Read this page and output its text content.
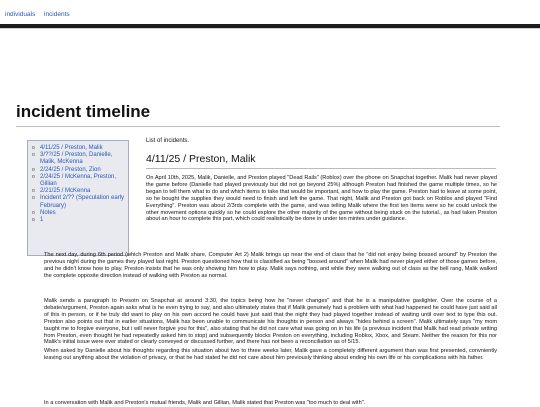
individuals incidents
incident timeline
o 4/11/25 / Preston, Malik
o 3/??/25 / Preston, Danielle, Malik, McKenna
o 2/24/25 / Preston, Zion
o 2/24/25 / McKenna, Preston, Gillian
o 2/21/25 / McKenna
o Incident 2/?? (Speculation early February)
o Notes
o 1
List of incidents.
4/11/25 / Preston, Malik

On April 10th, 2025, Malik, Danielle, and Preston played "Dead Rails" (Roblox) over the phone on Snapchat together. Malik had never played the game before (Danielle had played previously but did not go beyond 25%) although Preston had finished the game multiple times, so he began to tell them what to do and which items to take that would be important, and how to play the game. Preston had to leave at some point, so he bought the supplies they would need to finish and left the game. That night, Malik and Preston got back on Roblox and played "Find Everything". Preston was about 2/3rds complete with the game, and was telling Malik where the first ten items were so he could unlock the other movement options quickly so he could explore the other majority of the game without being stuck on the tutorial., as had taken Preston about an hour to complete this part, which could realistically be done in under ten mintes under guidance.

The next day, during 6th period (which Preston and Malik share, Computer Art 2) Malik brings up near the end of class that he "did not enjoy being bossed around" by Preston the previous night during the games they played last night. Preston questioned how that is classified as being "bossed around" when Malik had never played either of those games before, and he didn't know how to play. Preston insists that he was only showing him how to play. Malik says nothing, and while they were walking out of class as the bell rang, Malik walked the complete opposite direction instead of walking with Preston as normal.

Malik sends a paragraph to Presotn on Snapchat at around 3:30, the topics being how he "never changes" and that he is a manipulative gaslighter. Over the course of a debate/argument, Preston again asks what is he even trying to say, and also ultimately states that if Malik genuinely had a problem with what had happened he could have just said all of this in person, or if he truly did want to play on his own accord he could have just said that the night they had played together instead of waiting until over text to type this out. Preston also points out that in earlier situations, Malik has been unable to communicate his thoughts in person and always "hides behind a screen". Malik ultimately says "my mom taught me to forgive everyone, but i will never forgive you for this", also stating that he did not care what was going on in his life (a previous incident that Malik had read private writing from Preston, even thought he had repeatedly asked him to stop) and subsequently blocks Preston on everything, including Roblox, Xbox, and Steam. Neither the reason for this nor Malik's initial issue were ever stated or clearly conveyed or discussed further, and there has not been a reconciliation as of 5/15.

When asked by Danielle about his thoughts regarding this situation about two to three weeks later, Malik gave a completely different argument than was first presented, convniently leaving out anything about the violation of privacy, or that he had stated he did not care about him previously thinking about ending his own life or his complications with his father.

In a conversation with Malik and Preston's mutual friends, Malik and Gillian, Malik stated that Preston was "too much to deal with".
